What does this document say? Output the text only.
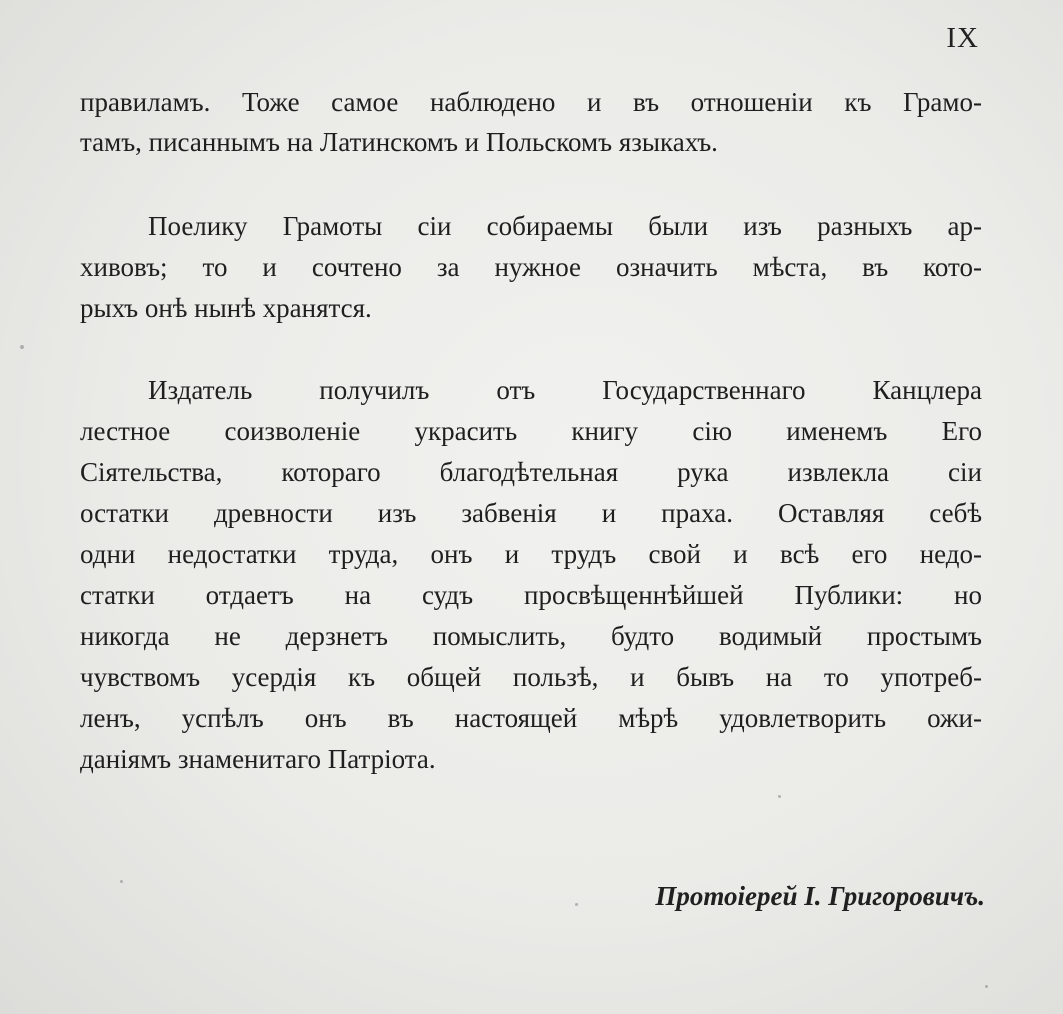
IX
правиламъ. Тоже самое наблюдено и въ отношеніи къ Грамо-
тамъ, писаннымъ на Латинскомъ и Польскомъ языкахъ.
Поелику Грамоты сіи собираемы были изъ разныхъ ар-
хивовъ; то и сочтено за нужное означить мѣста, въ кото-
рыхъ онѣ нынѣ хранятся.
Издатель получилъ отъ Государственнаго Канцлера
лестное соизволеніе украсить книгу сію именемъ Его
Сіятельства, котораго благодѣтельная рука извлекла сіи
остатки древности изъ забвенія и праха. Оставляя себѣ
одни недостатки труда, онъ и трудъ свой и всѣ его недо-
статки отдаетъ на судъ просвѣщеннѣйшей Публики: но
никогда не дерзнетъ помыслить, будто водимый простымъ
чувствомъ усердія къ общей пользѣ, и бывъ на то употреб-
ленъ, успѣлъ онъ въ настоящей мѣрѣ удовлетворить ожи-
даніямъ знаменитаго Патріота.
Протоіерей І. Григоровичъ.
